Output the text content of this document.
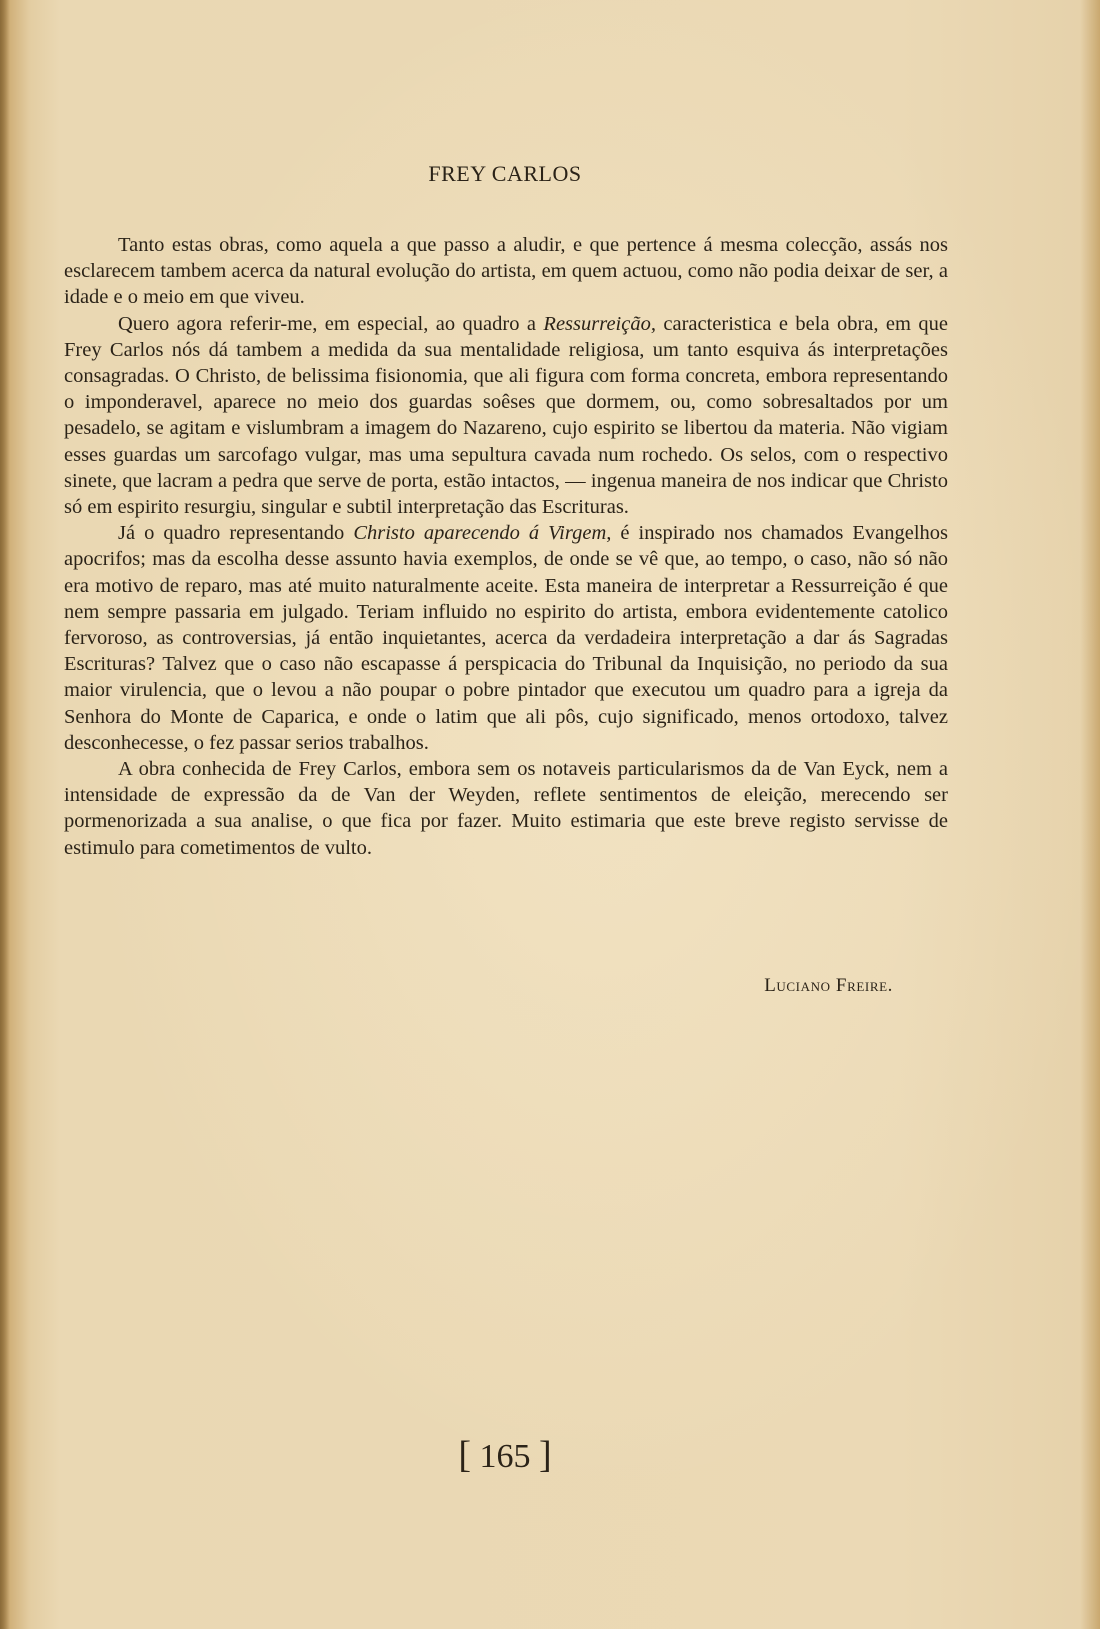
FREY CARLOS

Tanto estas obras, como aquela a que passo a aludir, e que pertence á mesma colecção, assás nos esclarecem tambem acerca da natural evolução do artista, em quem actuou, como não podia deixar de ser, a idade e o meio em que viveu.

Quero agora referir-me, em especial, ao quadro a Ressurreição, caracteristica e bela obra, em que Frey Carlos nós dá tambem a medida da sua mentalidade religiosa, um tanto esquiva ás interpretações consagradas. O Christo, de belissima fisionomia, que ali figura com forma concreta, embora representando o imponderavel, aparece no meio dos guardas soêses que dormem, ou, como sobresaltados por um pesadelo, se agitam e vislumbram a imagem do Nazareno, cujo espirito se libertou da materia. Não vigiam esses guardas um sarcofago vulgar, mas uma sepultura cavada num rochedo. Os selos, com o respectivo sinete, que lacram a pedra que serve de porta, estão intactos, — ingenua maneira de nos indicar que Christo só em espirito resurgiu, singular e subtil interpretação das Escrituras.

Já o quadro representando Christo aparecendo á Virgem, é inspirado nos chamados Evangelhos apocrifos; mas da escolha desse assunto havia exemplos, de onde se vê que, ao tempo, o caso, não só não era motivo de reparo, mas até muito naturalmente aceite. Esta maneira de interpretar a Ressurreição é que nem sempre passaria em julgado. Teriam influido no espirito do artista, embora evidentemente catolico fervoroso, as controversias, já então inquietantes, acerca da verdadeira interpretação a dar ás Sagradas Escrituras? Talvez que o caso não escapasse á perspicacia do Tribunal da Inquisição, no periodo da sua maior virulencia, que o levou a não poupar o pobre pintador que executou um quadro para a igreja da Senhora do Monte de Caparica, e onde o latim que ali pôs, cujo significado, menos ortodoxo, talvez desconhecesse, o fez passar serios trabalhos.

A obra conhecida de Frey Carlos, embora sem os notaveis particularismos da de Van Eyck, nem a intensidade de expressão da de Van der Weyden, reflete sentimentos de eleição, merecendo ser pormenorizada a sua analise, o que fica por fazer. Muito estimaria que este breve registo servisse de estimulo para cometimentos de vulto.

Luciano Freire.
[ 165 ]
